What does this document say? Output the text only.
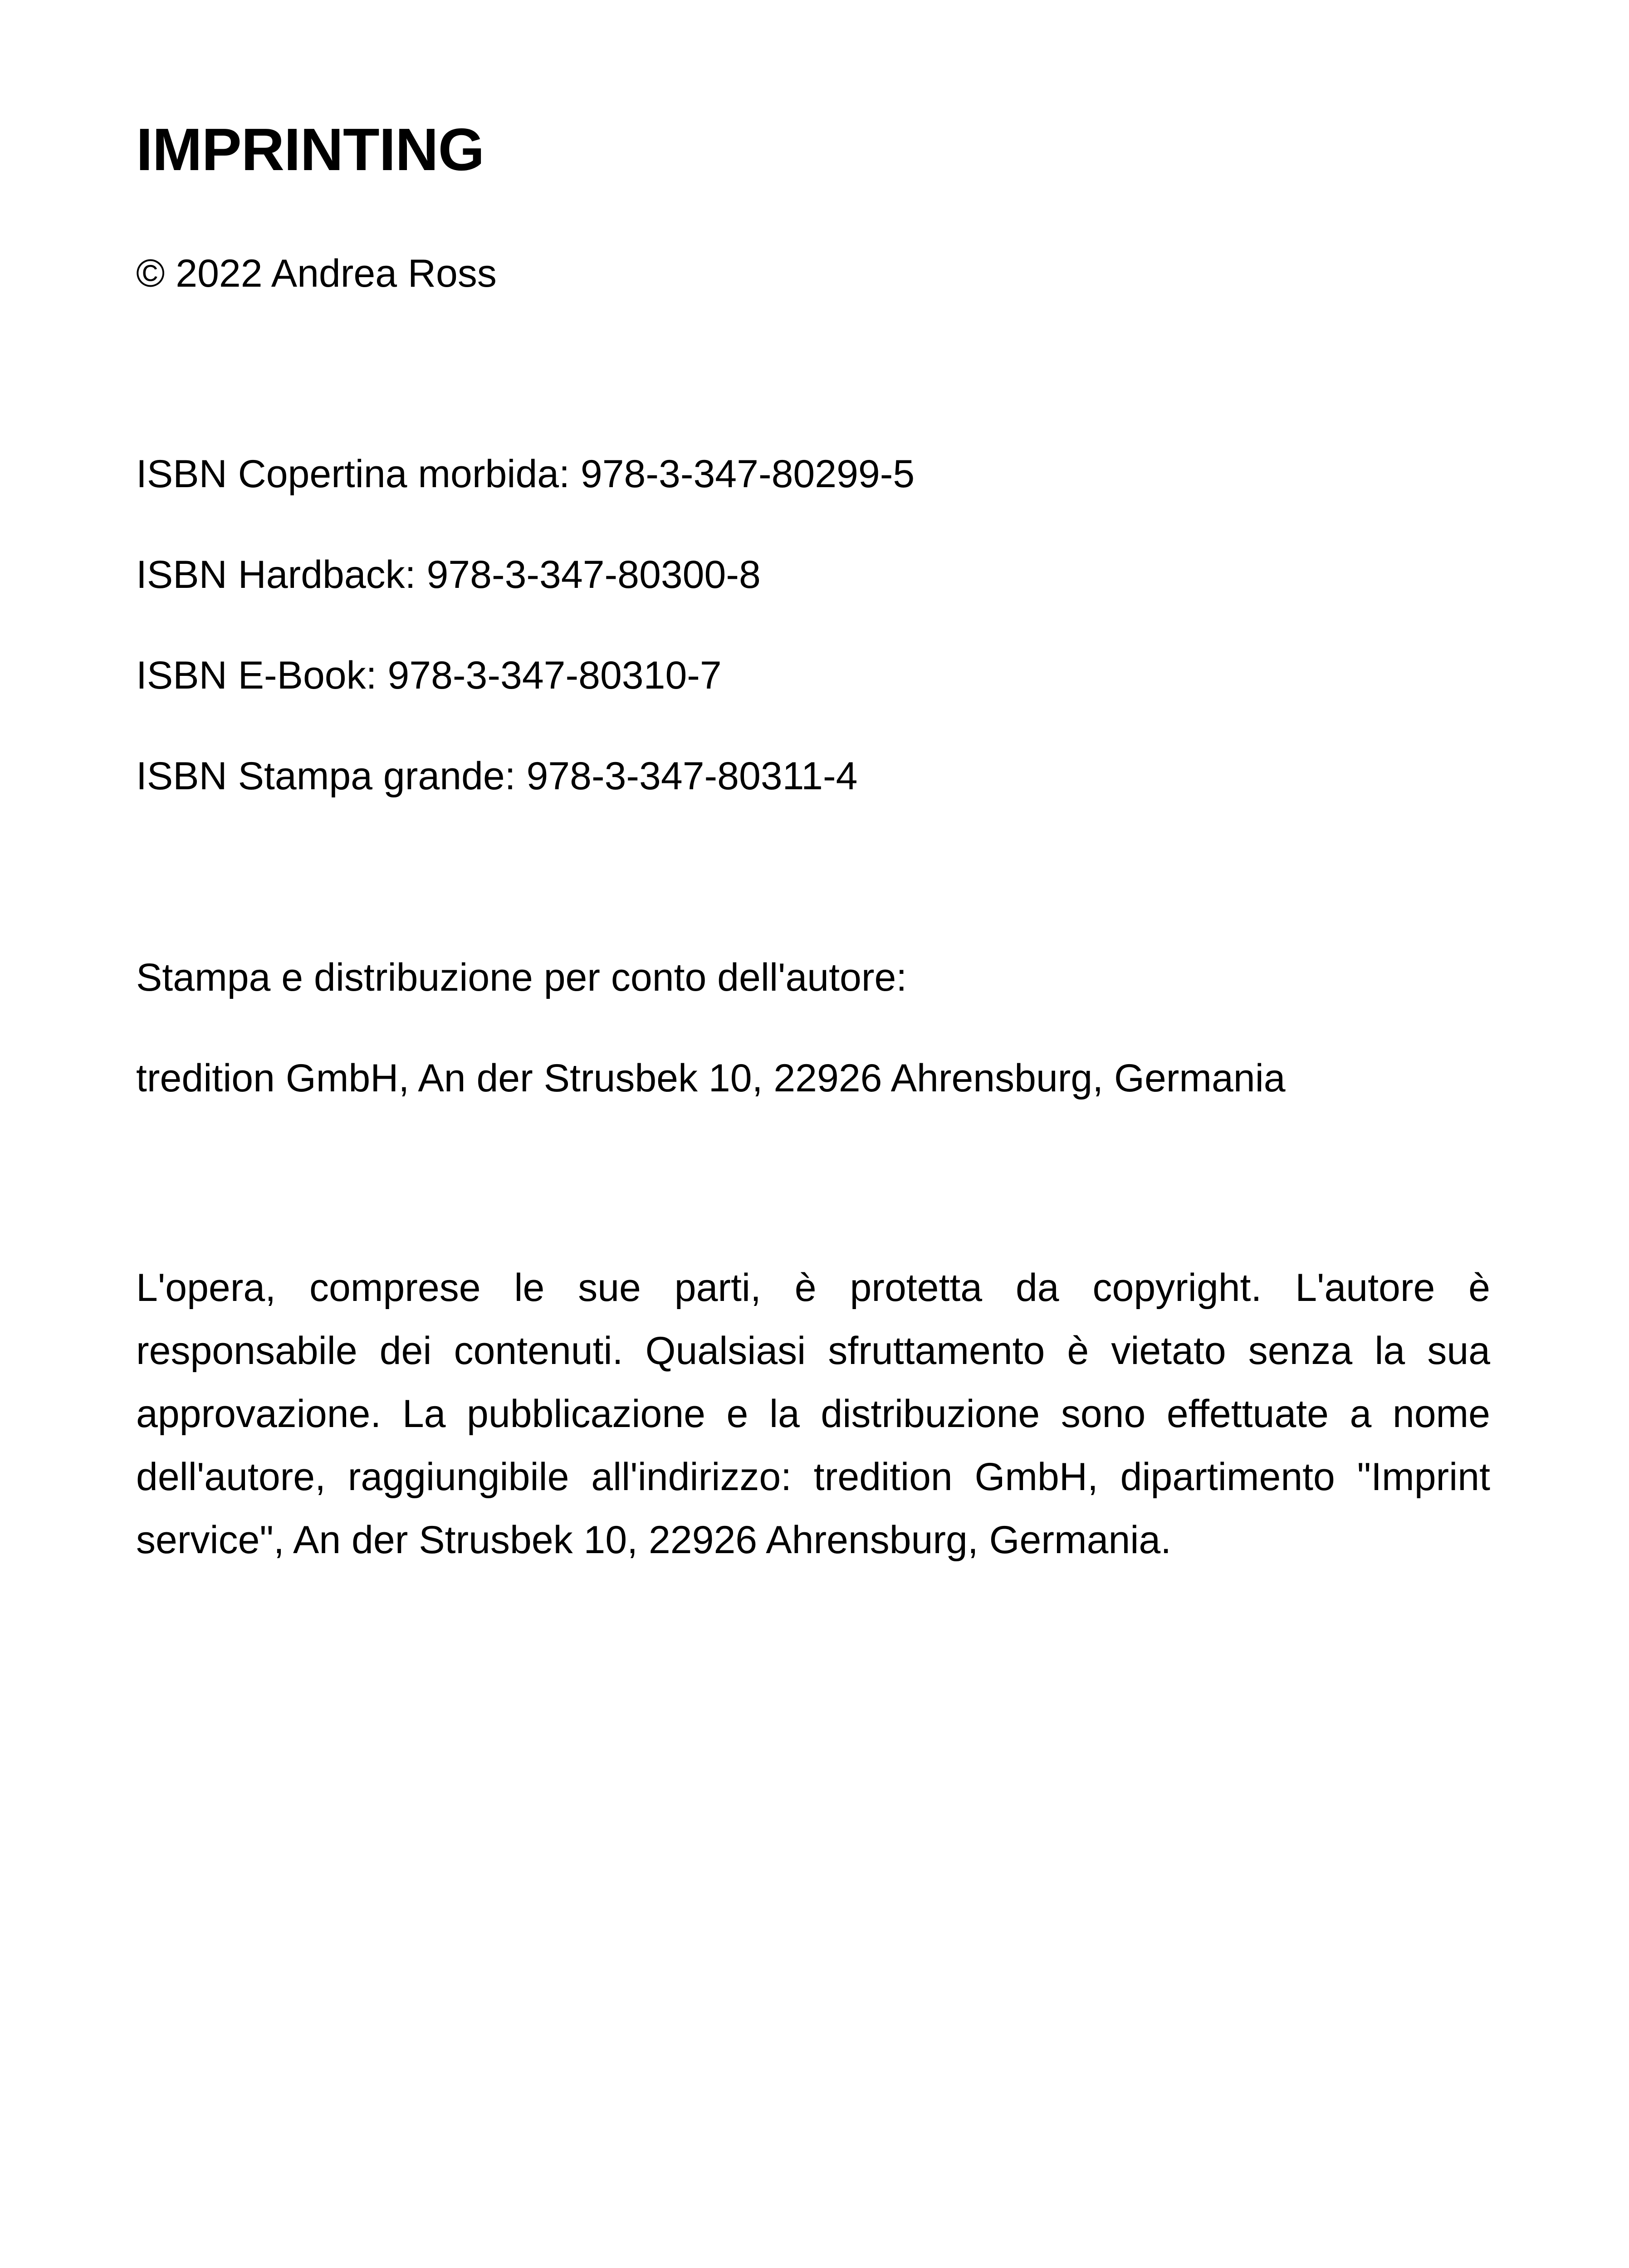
IMPRINTING

© 2022 Andrea Ross

ISBN Copertina morbida: 978-3-347-80299-5

ISBN Hardback: 978-3-347-80300-8

ISBN E-Book: 978-3-347-80310-7

ISBN Stampa grande: 978-3-347-80311-4

Stampa e distribuzione per conto dell'autore:

tredition GmbH, An der Strusbek 10, 22926 Ahrensburg, Germania

L'opera, comprese le sue parti, è protetta da copyright. L'autore è responsabile dei contenuti. Qualsiasi sfruttamento è vietato senza la sua approvazione. La pubblicazione e la distribuzione sono effettuate a nome dell'autore, raggiungibile all'indirizzo: tredition GmbH, dipartimento "Imprint service", An der Strusbek 10, 22926 Ahrensburg, Germania.
